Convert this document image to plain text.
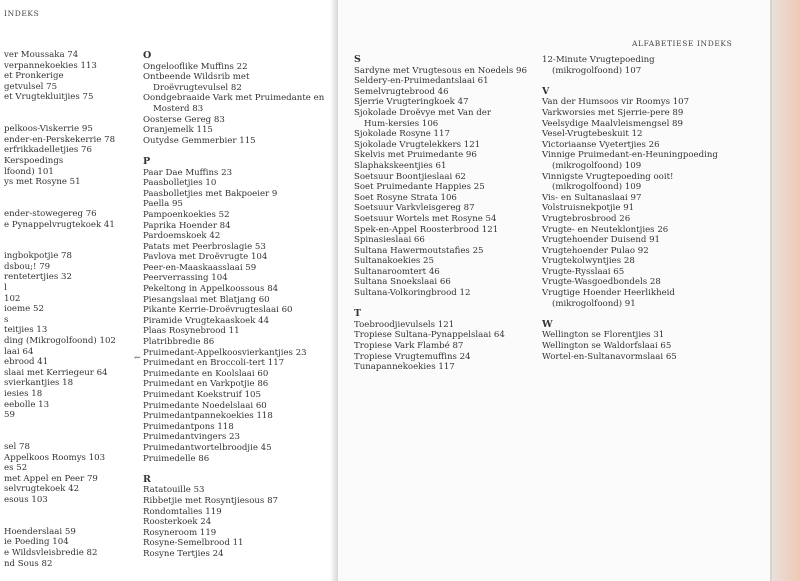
INDEKS
ver Moussaka 74
verpannekoekies 113
et Pronkerige
getvulsel 75
et Vrugtekluitjies 75
pelkoos-Viskerrie 95
ender-en-Perskekerrie 78
erfrikkadelletjies 76
Kerspoedings
lfoond) 101
ys met Rosyne 51
ender-stowegereg 76
e Pynappelvrugtekoek 41
ingbokpotjie 78
dsbou;! 79
rentetertjies 32
l
102
ioeme 52
s
teitjies 13
ding (Mikrogolfoond) 102
laai 64
ebrood 41
slaai met Kerriegeur 64
svierkantjies 18
iesies 18
eebolle 13
59
sel 78
Appelkoos Roomys 103
es 52
met Appel en Peer 79
selvrugtekoek 42
esous 103
Hoenderslaai 59
ie Poeding 104
e Wildsvleisbredie 82
nd Sous 82
O
Ongelooflike Muffins 22
Ontbeende Wildsrib met
Droëvrugtevulsel 82
Oondgebraaide Vark met Pruimedante en
Mosterd 83
Oosterse Gereg 83
Oranjemelk 115
Outydse Gemmerbier 115
P
Paar Dae Muffins 23
Paasbolletjies 10
Paasbolletjies met Bakpoeier 9
Paella 95
Pampoenkoekies 52
Paprika Hoender 84
Pardoemskoek 42
Patats met Peerbroslagie 53
Pavlova met Droëvrugte 104
Peer-en-Maaskaasslaai 59
Peerverrassing 104
Pekeltong in Appelkoossous 84
Piesangslaai met Blatjang 60
Pikante Kerrie-Droëvrugteslaai 60
Piramide Vrugtekaaskoek 44
Plaas Rosynebrood 11
Platribbredie 86
Pruimedant-Appelkoosvierkantjies 23
Pruimedant en Broccoli-tert 117
Pruimedante en Koolslaai 60
Pruimedant en Varkpotjie 86
Pruimedant Koekstruif 105
Pruimedante Noedelslaai 60
Pruimedantpannekoekies 118
Pruimedantpons 118
Pruimedantvingers 23
Pruimedantwortelbroodjie 45
Pruimedelle 86
R
Ratatouille 53
Ribbetjie met Rosyntjiesous 87
Rondomtalies 119
Roosterkoek 24
Rosyneroom 119
Rosyne-Semelbrood 11
Rosyne Tertjies 24
⇜
S
Sardyne met Vrugtesous en Noedels 96
Seldery-en-Pruimedantslaai 61
Semelvrugtebrood 46
Sjerrie Vrugteringkoek 47
Sjokolade Droëvye met Van der
Hum-kersies 106
Sjokolade Rosyne 117
Sjokolade Vrugtelekkers 121
Skelvis met Pruimedante 96
Slaphakskeentjies 61
Soetsuur Boontjieslaai 62
Soet Pruimedante Happies 25
Soet Rosyne Strata 106
Soetsuur Varkvleisgereg 87
Soetsuur Wortels met Rosyne 54
Spek-en-Appel Roosterbrood 121
Spinasieslaai 66
Sultana Hawermoutstafies 25
Sultanakoekies 25
Sultanaroomtert 46
Sultana Snoekslaai 66
Sultana-Volkoringbrood 12
T
Toebroodjievulsels 121
Tropiese Sultana-Pynappelslaai 64
Tropiese Vark Flambé 87
Tropiese Vrugtemuffins 24
Tunapannekoekies 117
12-Minute Vrugtepoeding
(mikrogolfoond) 107
V
Van der Humsoos vir Roomys 107
Varkworsies met Sjerrie-pere 89
Veelsydige Maalvleismengsel 89
Vesel-Vrugtebeskuit 12
Victoriaanse Vyetertjies 26
Vinnige Pruimedant-en-Heuningpoeding
(mikrogolfoond) 109
Vinnigste Vrugtepoeding ooit!
(mikrogolfoond) 109
Vis- en Sultanaslaai 97
Volstruisnekpotjie 91
Vrugtebrosbrood 26
Vrugte- en Neuteklontjies 26
Vrugtehoender Duisend 91
Vrugtehoender Pulao 92
Vrugtekolwyntjies 28
Vrugte-Rysslaai 65
Vrugte-Wasgoedbondels 28
Vrugtige Hoender Heerlikheid
(mikrogolfoond) 91
W
Wellington se Florentjies 31
Wellington se Waldorfslaai 65
Wortel-en-Sultanavormslaai 65
ALFABETIESE INDEKS
